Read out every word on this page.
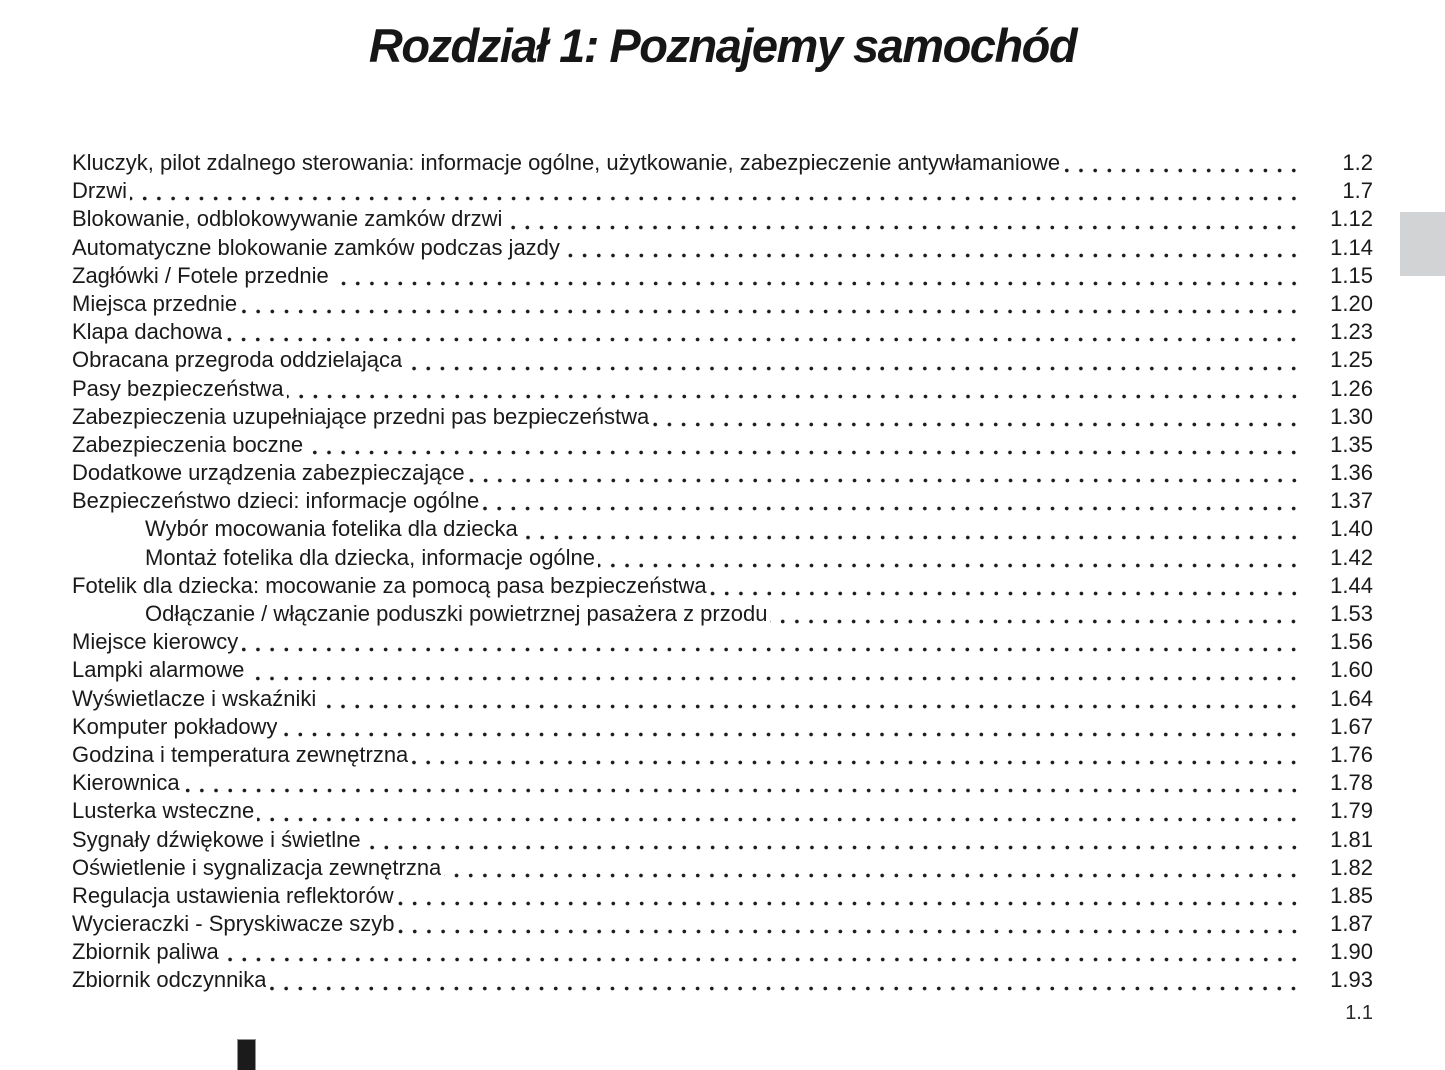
Rozdział 1: Poznajemy samochód
Kluczyk, pilot zdalnego sterowania: informacje ogólne, użytkowanie, zabezpieczenie antywłamaniowe	1.2
Drzwi	1.7
Blokowanie, odblokowywanie zamków drzwi	1.12
Automatyczne blokowanie zamków podczas jazdy	1.14
Zagłówki / Fotele przednie	1.15
Miejsca przednie	1.20
Klapa dachowa	1.23
Obracana przegroda oddzielająca	1.25
Pasy bezpieczeństwa	1.26
Zabezpieczenia uzupełniające przedni pas bezpieczeństwa	1.30
Zabezpieczenia boczne	1.35
Dodatkowe urządzenia zabezpieczające	1.36
Bezpieczeństwo dzieci: informacje ogólne	1.37
Wybór mocowania fotelika dla dziecka	1.40
Montaż fotelika dla dziecka, informacje ogólne	1.42
Fotelik dla dziecka: mocowanie za pomocą pasa bezpieczeństwa	1.44
Odłączanie / włączanie poduszki powietrznej pasażera z przodu	1.53
Miejsce kierowcy	1.56
Lampki alarmowe	1.60
Wyświetlacze i wskaźniki	1.64
Komputer pokładowy	1.67
Godzina i temperatura zewnętrzna	1.76
Kierownica	1.78
Lusterka wsteczne	1.79
Sygnały dźwiękowe i świetlne	1.81
Oświetlenie i sygnalizacja zewnętrzna	1.82
Regulacja ustawienia reflektorów	1.85
Wycieraczki - Spryskiwacze szyb	1.87
Zbiornik paliwa	1.90
Zbiornik odczynnika	1.93
1.1
